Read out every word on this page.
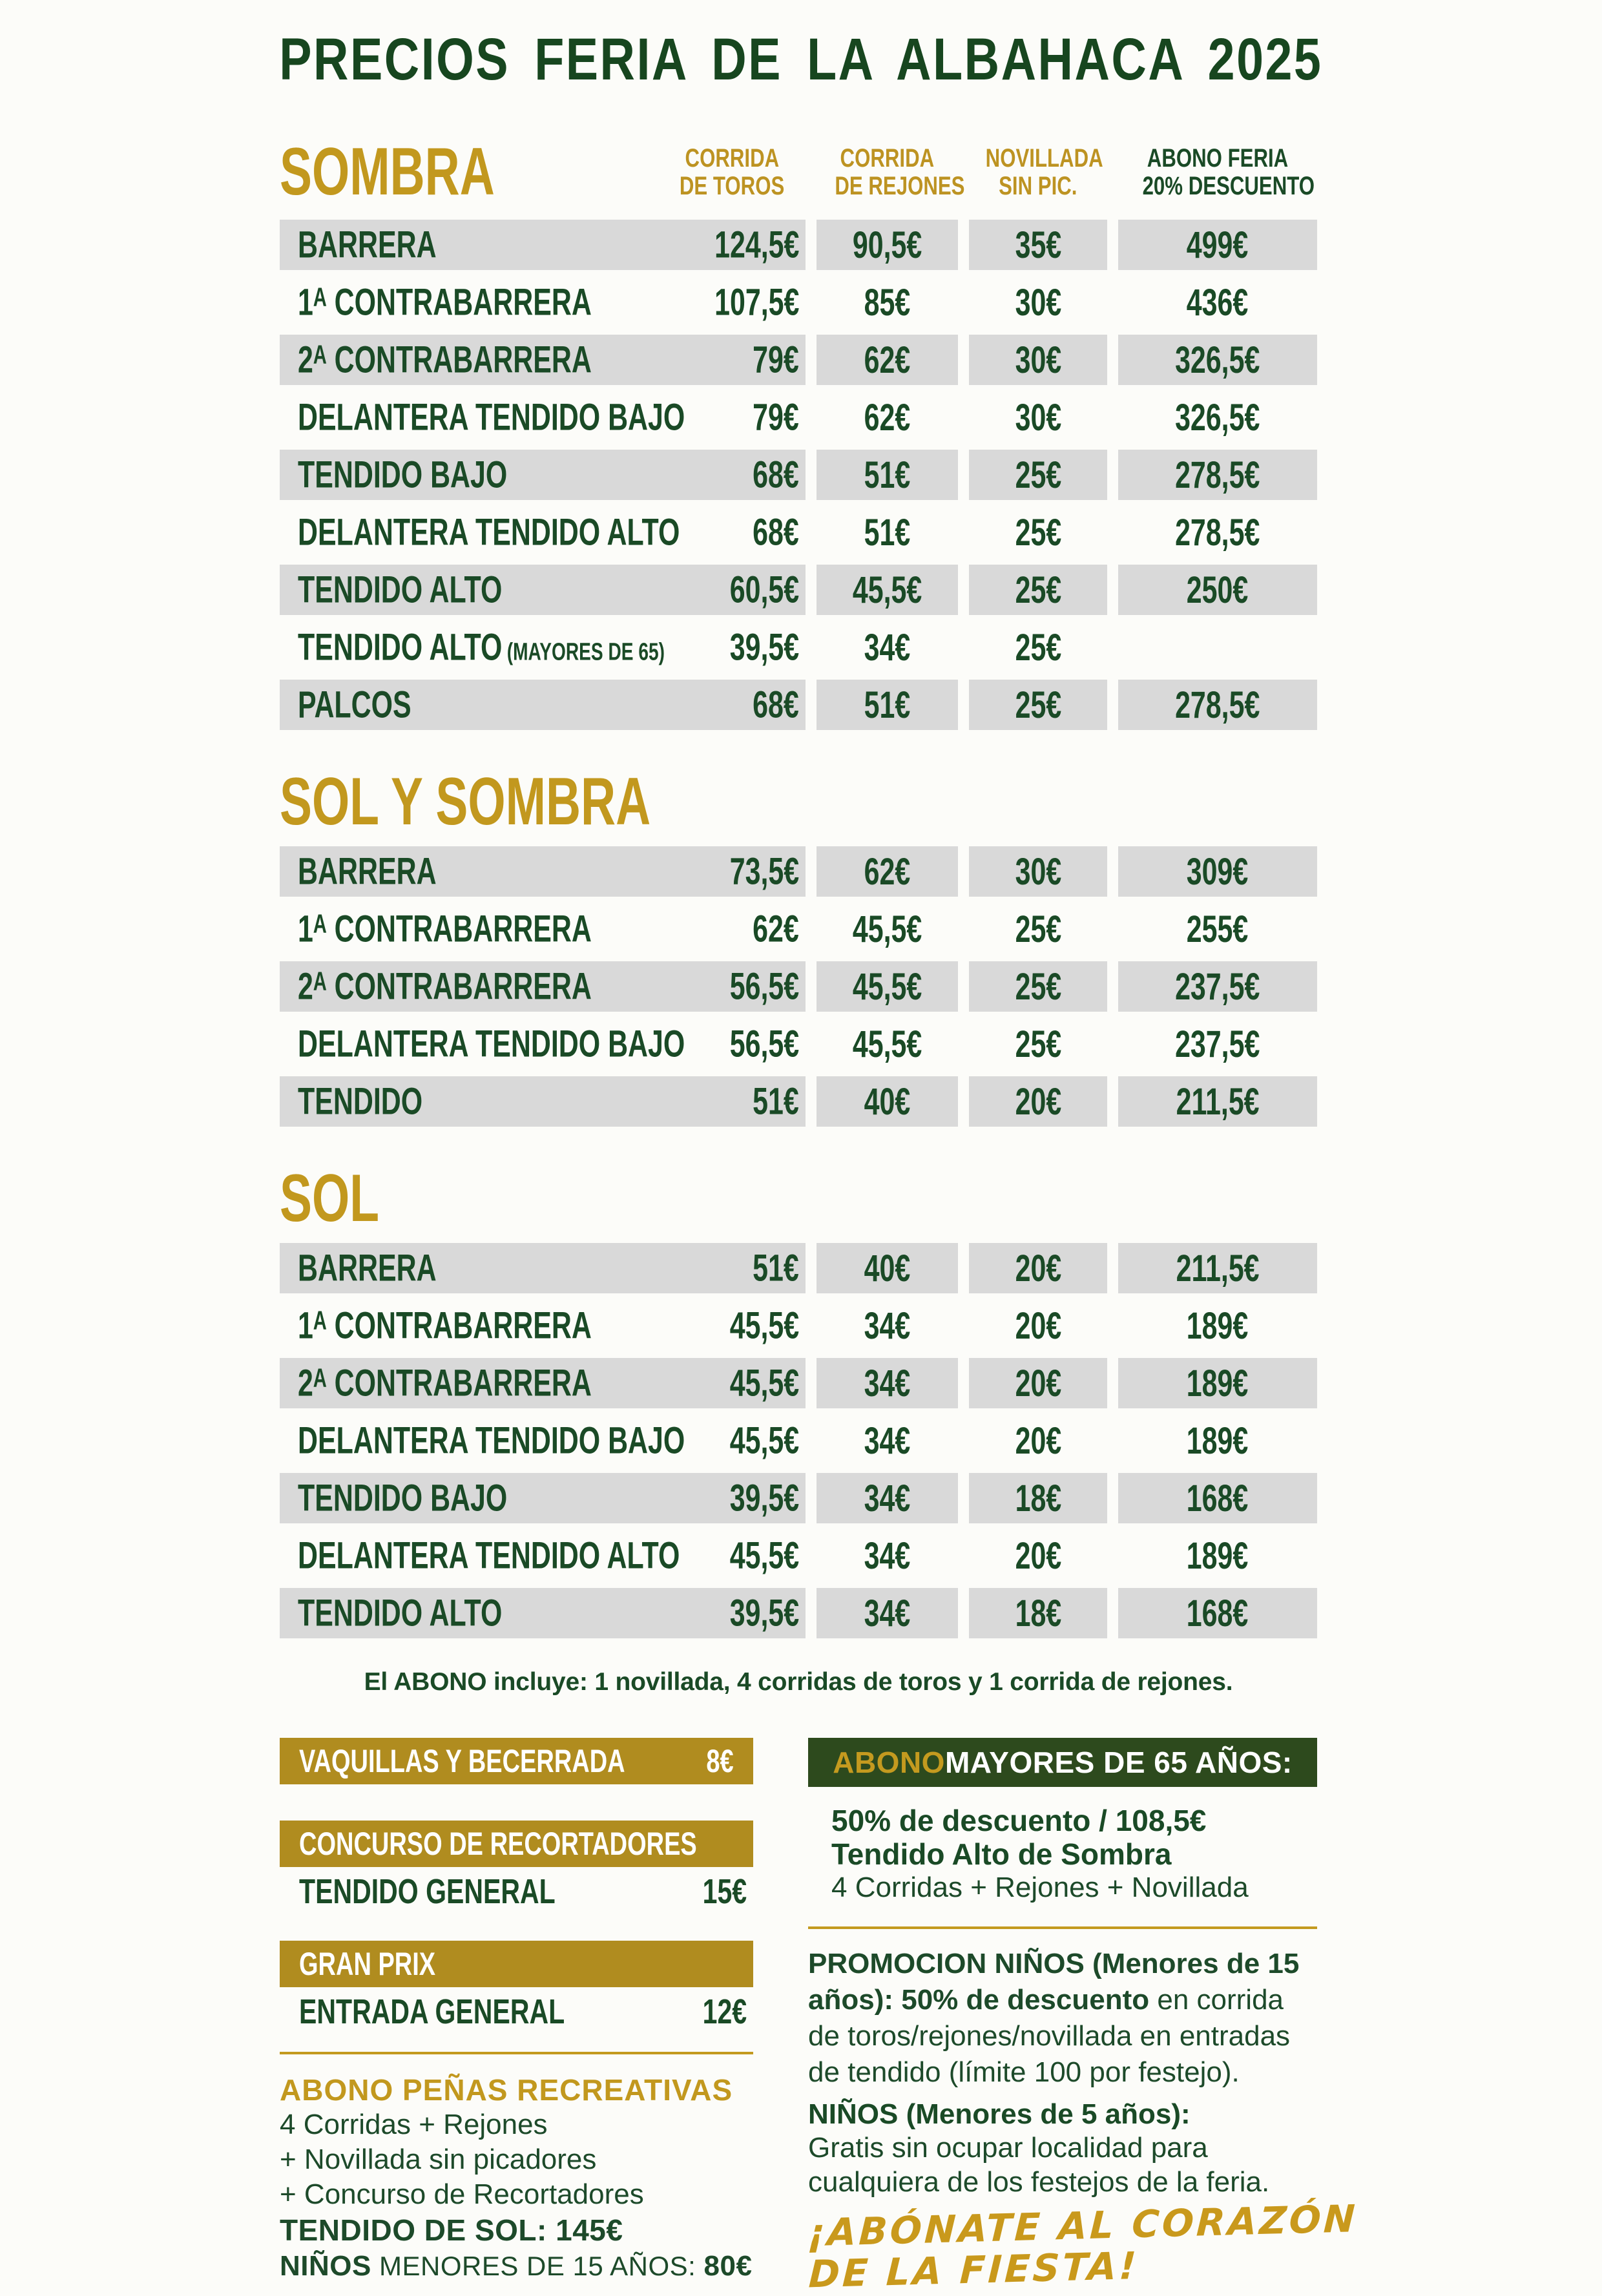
PRECIOS FERIA DE LA ALBAHACA 2025
SOMBRA	CORRIDA
DE TOROS
CORRIDA
DE REJONES
NOVILLADA
SIN PIC.
ABONO FERIA
20% DESCUENTO
BARRERA	124,5€ 90,5€ 35€	499€
1ᴬ CONTRABARRERA	107,5€ 85€	30€	436€
2ᴬ CONTRABARRERA	79€ 62€	30€	326,5€
DELANTERA TENDIDO BAJO 79€ 62€	30€	326,5€
TENDIDO BAJO	68€ 51€	25€	278,5€
DELANTERA TENDIDO ALTO 68€ 51€	25€	278,5€
TENDIDO ALTO	60,5€ 45,5€ 25€	250€
TENDIDO ALTO (MAYORES DE 65) 39,5€ 34€	25€
PALCOS	68€ 51€	25€	278,5€
SOL Y SOMBRA
BARRERA	73,5€ 62€	30€	309€
1ᴬ CONTRABARRERA	62€ 45,5€ 25€	255€
2ᴬ CONTRABARRERA	56,5€ 45,5€ 25€	237,5€
DELANTERA TENDIDO BAJO 56,5€ 45,5€ 25€	237,5€
TENDIDO	51€ 40€	20€	211,5€
SOL
BARRERA	51€ 40€	20€	211,5€
1ᴬ CONTRABARRERA	45,5€ 34€	20€	189€
2ᴬ CONTRABARRERA	45,5€ 34€	20€	189€
DELANTERA TENDIDO BAJO 45,5€ 34€	20€	189€
TENDIDO BAJO	39,5€ 34€	18€	168€
DELANTERA TENDIDO ALTO 45,5€ 34€	20€	189€
TENDIDO ALTO	39,5€ 34€	18€	168€
El ABONO incluye: 1 novillada, 4 corridas de toros y 1 corrida de rejones.
VAQUILLAS Y BECERRADA	8€
CONCURSO DE RECORTADORES
TENDIDO GENERAL	15€
GRAN PRIX
ENTRADA GENERAL	12€
ABONO PEÑAS RECREATIVAS
4 Corridas + Rejones
+ Novillada sin picadores
+ Concurso de Recortadores
TENDIDO DE SOL: 145€
NIÑOS MENORES DE 15 AÑOS: 80€
ABONO MAYORES DE 65 AÑOS:
50% de descuento / 108,5€
Tendido Alto de Sombra
4 Corridas + Rejones + Novillada
PROMOCION NIÑOS (Menores de 15 años): 50% de descuento en corrida de toros/rejones/novillada en entradas de tendido (límite 100 por festejo).
NIÑOS (Menores de 5 años):
Gratis sin ocupar localidad para cualquiera de los festejos de la feria.
¡ABÓNATE AL CORAZÓN
DE LA FIESTA!
